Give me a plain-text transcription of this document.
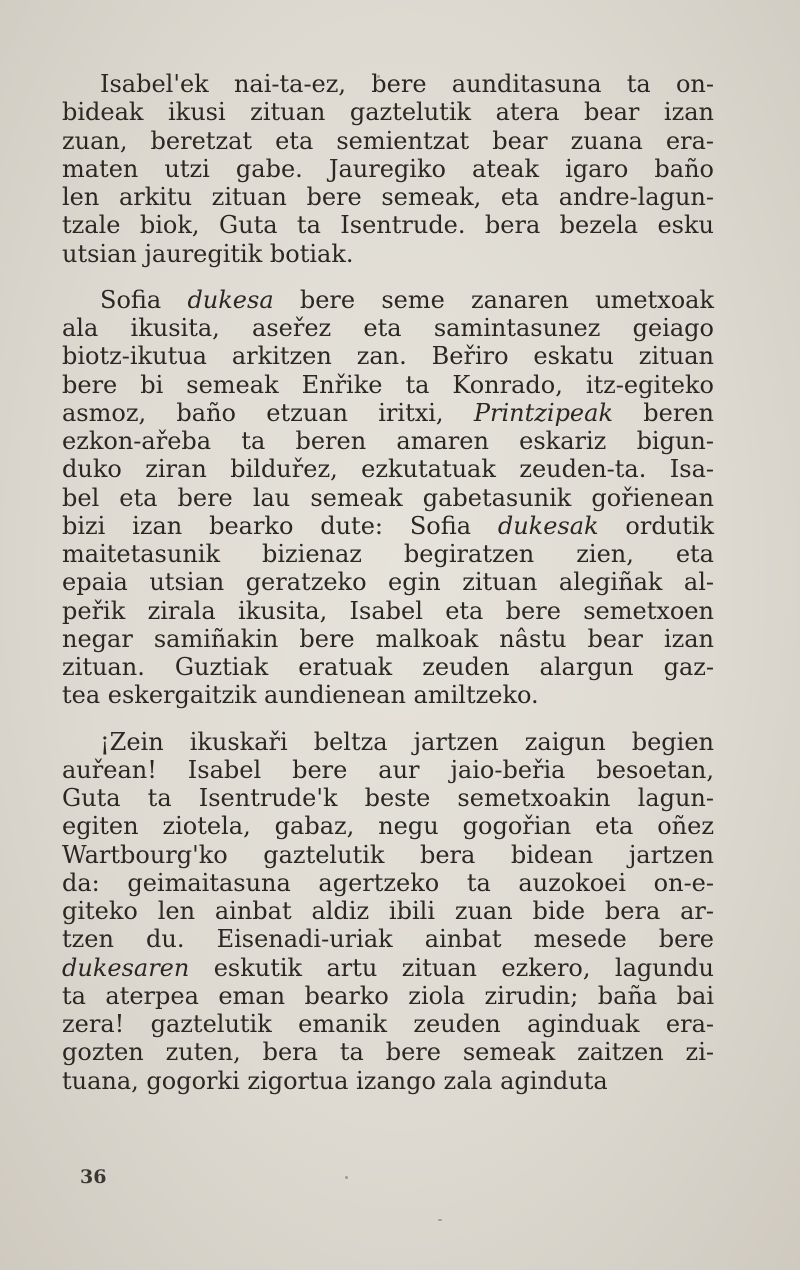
Isabel'ek nai-ta-ez, bere aunditasuna ta on-
bideak ikusi zituan gaztelutik atera bear izan
zuan, beretzat eta semientzat bear zuana era-
maten utzi gabe. Jauregiko ateak igaro baño
len arkitu zituan bere semeak, eta andre-lagun-
tzale biok, Guta ta Isentrude. bera bezela esku
utsian jauregitik botiak.
Sofia dukesa bere seme zanaren umetxoak
ala ikusita, aseřez eta samintasunez geiago
biotz-ikutua arkitzen zan. Beřiro eskatu zituan
bere bi semeak Enřike ta Konrado, itz-egiteko
asmoz, baño etzuan iritxi, Printzipeak beren
ezkon-ařeba ta beren amaren eskariz bigun-
duko ziran bilduřez, ezkutatuak zeuden-ta. Isa-
bel eta bere lau semeak gabetasunik gořienean
bizi izan bearko dute: Sofia dukesak ordutik
maitetasunik bizienaz begiratzen zien, eta
epaia utsian geratzeko egin zituan alegiñak al-
peřik zirala ikusita, Isabel eta bere semetxoen
negar samiñakin bere malkoak nâstu bear izan
zituan. Guztiak eratuak zeuden alargun gaz-
tea eskergaitzik aundienean amiltzeko.
¡Zein ikuskaři beltza jartzen zaigun begien
auřean! Isabel bere aur jaio-beřia besoetan,
Guta ta Isentrude'k beste semetxoakin lagun-
egiten ziotela, gabaz, negu gogořian eta oñez
Wartbourg'ko gaztelutik bera bidean jartzen
da: geimaitasuna agertzeko ta auzokoei on-e-
giteko len ainbat aldiz ibili zuan bide bera ar-
tzen du. Eisenadi-uriak ainbat mesede bere
dukesaren eskutik artu zituan ezkero, lagundu
ta aterpea eman bearko ziola zirudin; baña bai
zera! gaztelutik emanik zeuden aginduak era-
gozten zuten, bera ta bere semeak zaitzen zi-
tuana, gogorki zigortua izango zala aginduta
36
